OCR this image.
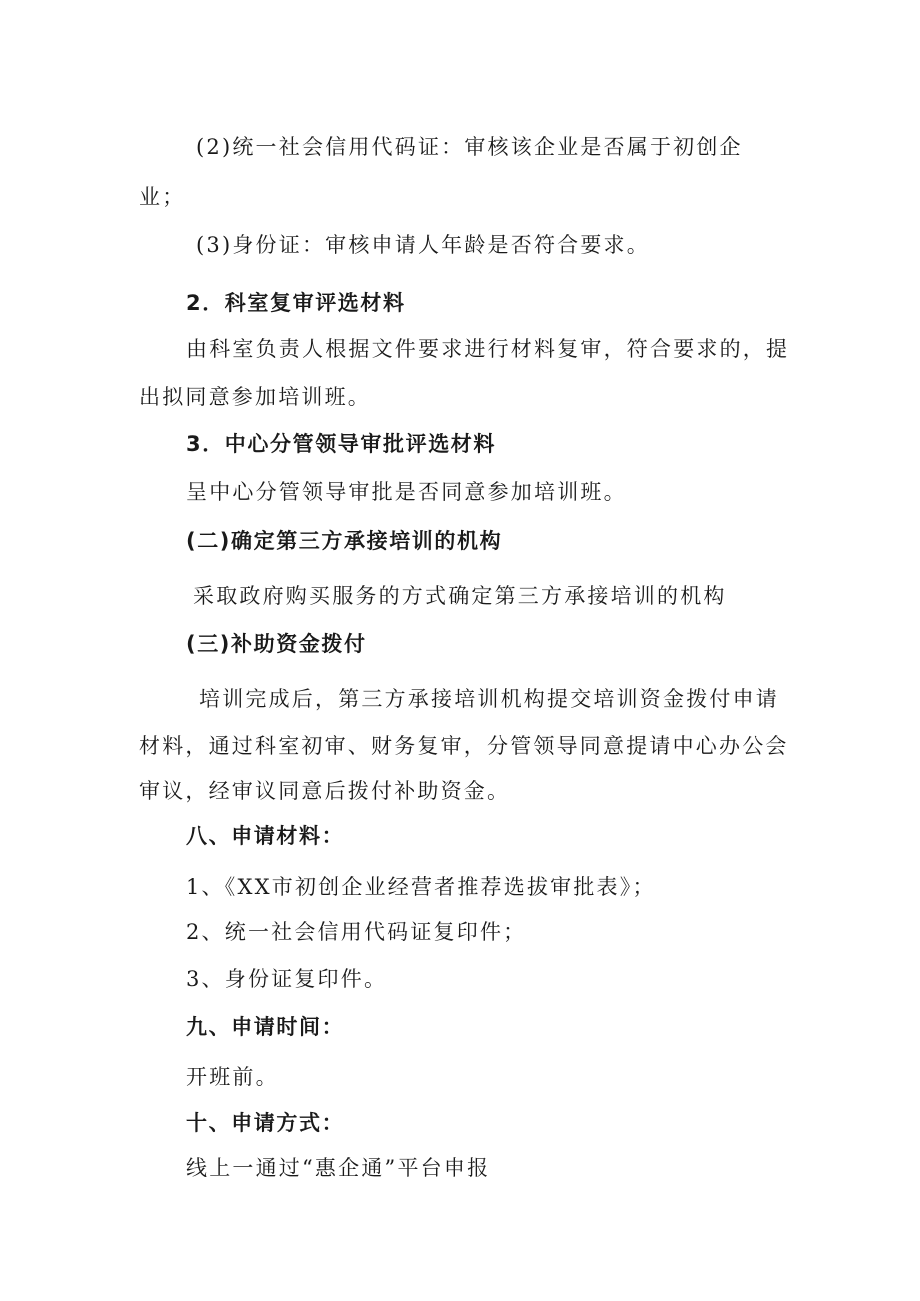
(2)统一社会信用代码证：审核该企业是否属于初创企
业；
(3)身份证：审核申请人年龄是否符合要求。
2．科室复审评选材料
由科室负责人根据文件要求进行材料复审，符合要求的，提
出拟同意参加培训班。
3．中心分管领导审批评选材料
呈中心分管领导审批是否同意参加培训班。
(二)确定第三方承接培训的机构
采取政府购买服务的方式确定第三方承接培训的机构
(三)补助资金拨付
培训完成后，第三方承接培训机构提交培训资金拨付申请
材料，通过科室初审、财务复审，分管领导同意提请中心办公会
审议，经审议同意后拨付补助资金。
八、申请材料：
1、《XX市初创企业经营者推荐选拔审批表》；
2、统一社会信用代码证复印件；
3、身份证复印件。
九、申请时间：
开班前。
十、申请方式：
线上一通过“惠企通”平台申报
